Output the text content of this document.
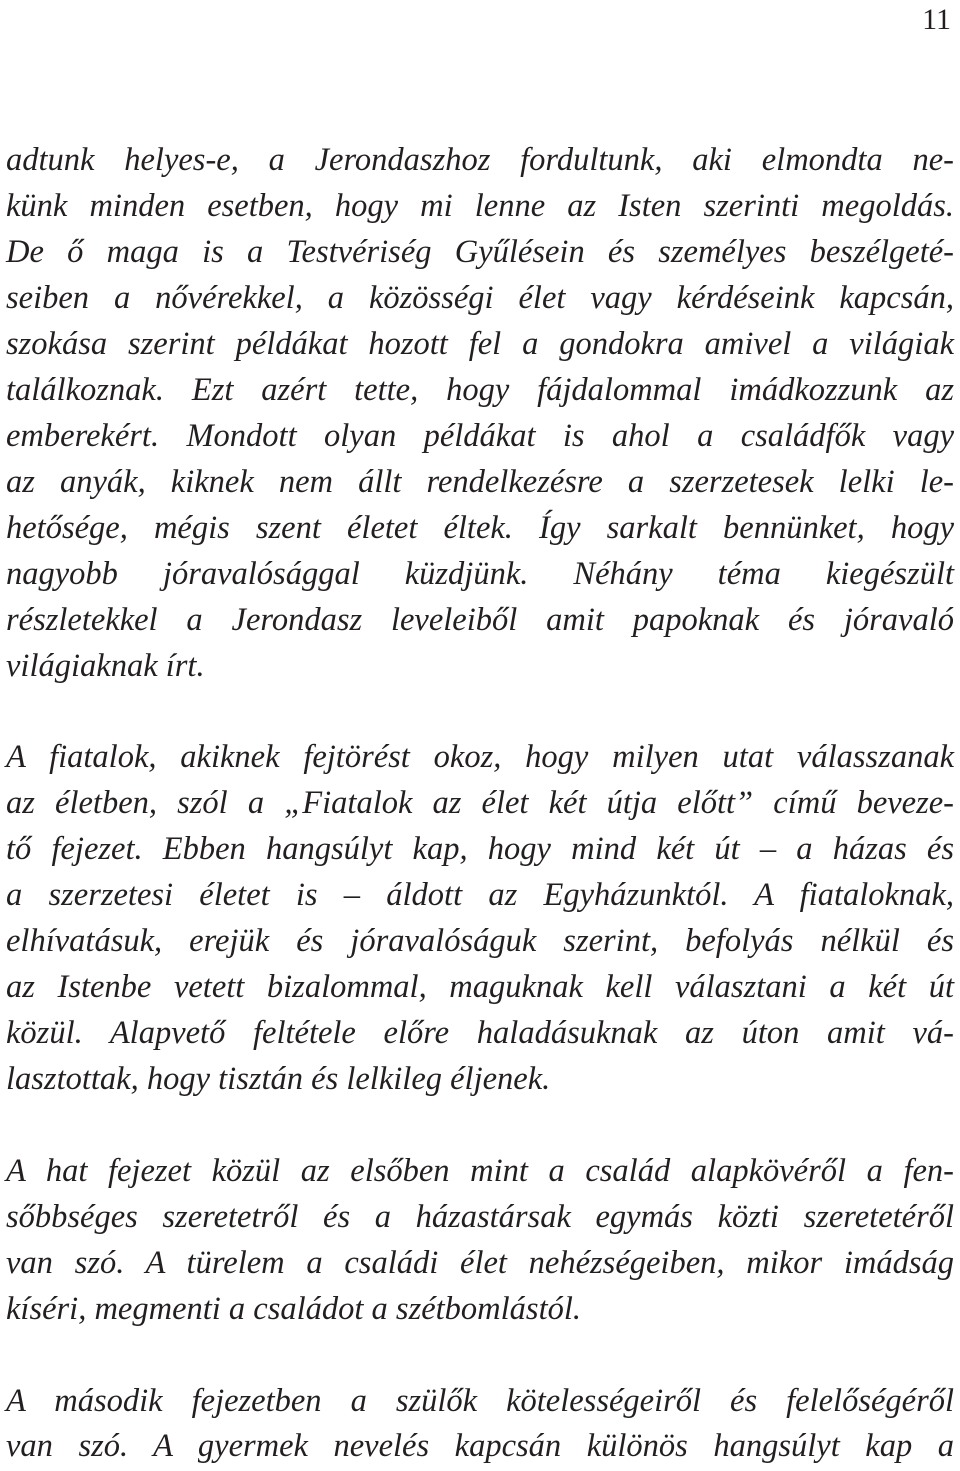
11
adtunk helyes-e, a Jerondaszhoz fordultunk, aki elmondta ne-
künk minden esetben, hogy mi lenne az Isten szerinti megoldás.
De ő maga is a Testvériség Gyűlésein és személyes beszélgeté-
seiben a nővérekkel, a közösségi élet vagy kérdéseink kapcsán,
szokása szerint példákat hozott fel a gondokra amivel a világiak
találkoznak. Ezt azért tette, hogy fájdalommal imádkozzunk az
emberekért. Mondott olyan példákat is ahol a családfők vagy
az anyák, kiknek nem állt rendelkezésre a szerzetesek lelki le-
hetősége, mégis szent életet éltek. Így sarkalt bennünket, hogy
nagyobb jóravalósággal küzdjünk. Néhány téma kiegészült
részletekkel a Jerondasz leveleiből amit papoknak és jóravaló
világiaknak írt.
A fiatalok, akiknek fejtörést okoz, hogy milyen utat válasszanak
az életben, szól a „Fiatalok az élet két útja előtt” című beveze-
tő fejezet. Ebben hangsúlyt kap, hogy mind két út – a házas és
a szerzetesi életet is – áldott az Egyházunktól. A fiataloknak,
elhívatásuk, erejük és jóravalóságuk szerint, befolyás nélkül és
az Istenbe vetett bizalommal, maguknak kell választani a két út
közül. Alapvető feltétele előre haladásuknak az úton amit vá-
lasztottak, hogy tisztán és lelkileg éljenek.
A hat fejezet közül az elsőben mint a család alapkövéről a fen-
sőbbséges szeretetről és a házastársak egymás közti szeretetéről
van szó. A türelem a családi élet nehézségeiben, mikor imádság
kíséri, megmenti a családot a szétbomlástól.
A második fejezetben a szülők kötelességeiről és felelőségéről
van szó. A gyermek nevelés kapcsán különös hangsúlyt kap a
